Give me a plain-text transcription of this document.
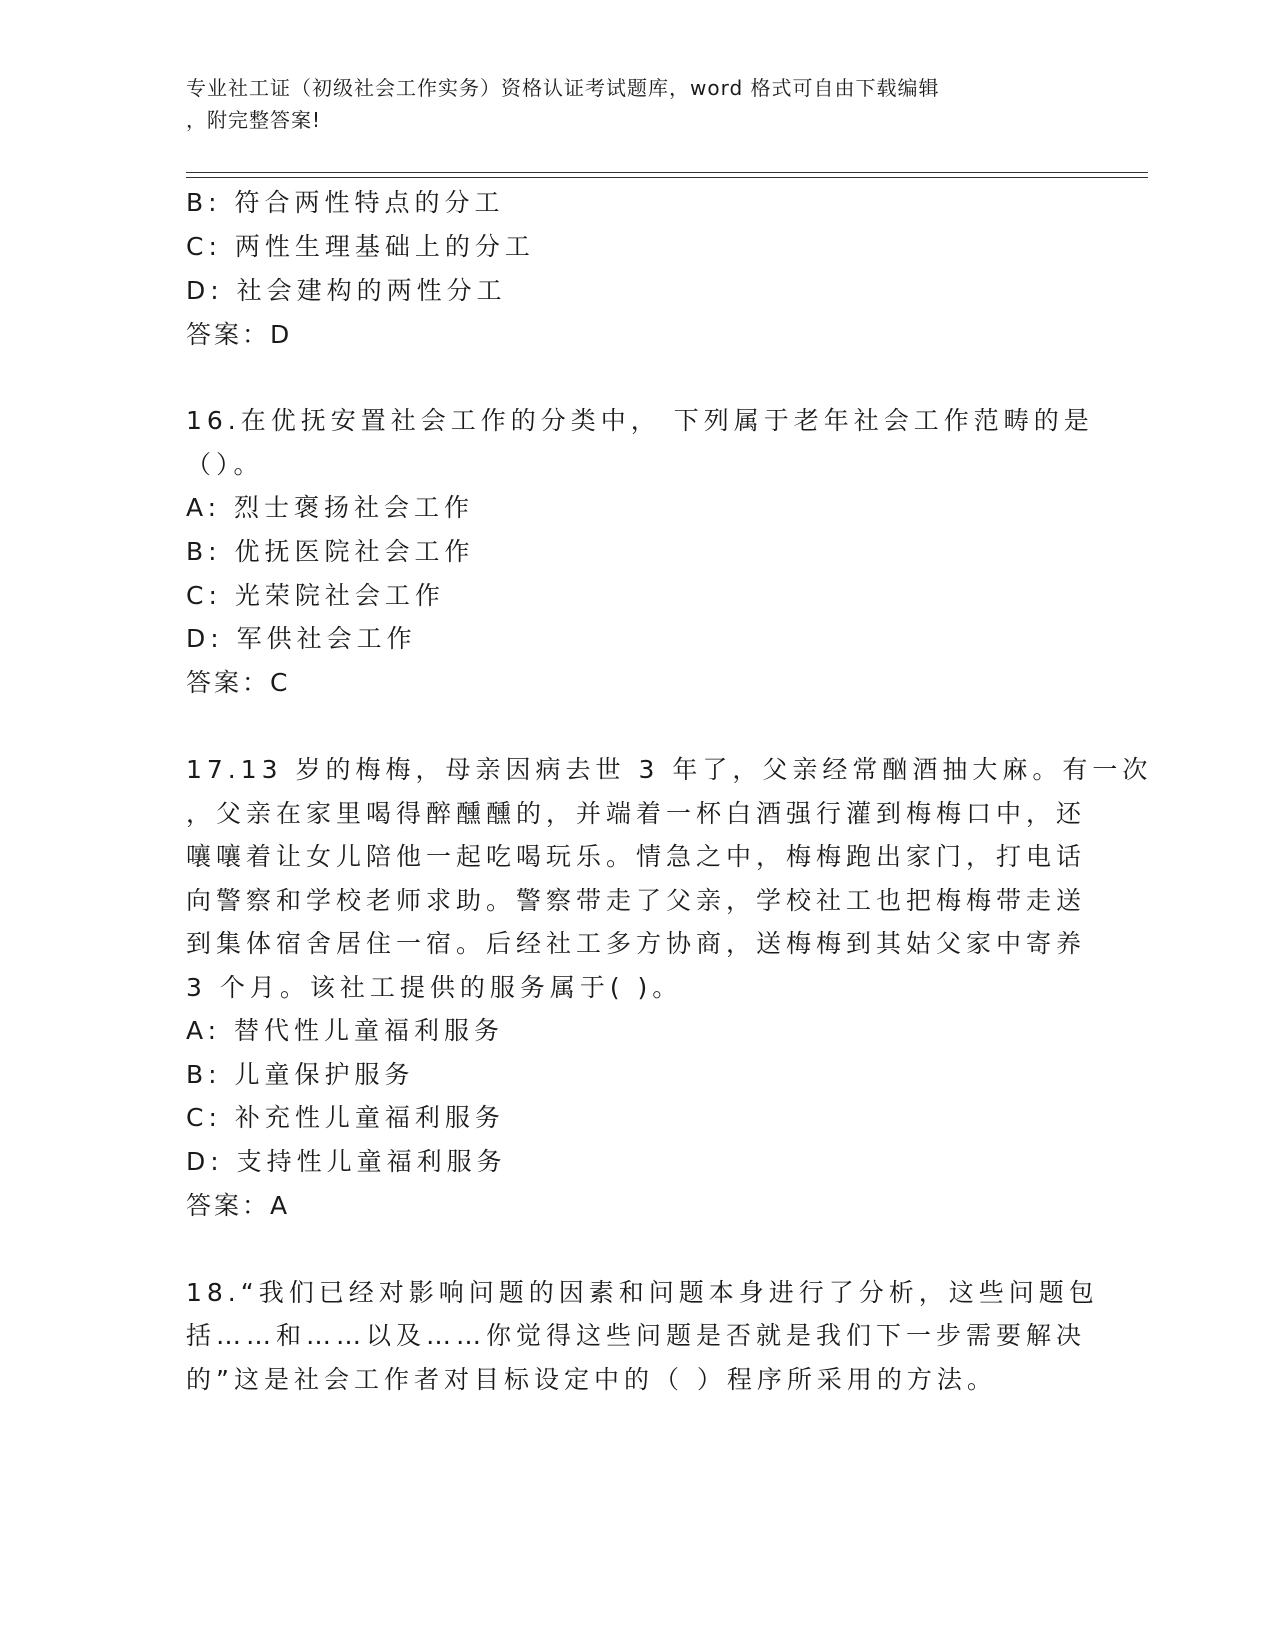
专业社工证（初级社会工作实务）资格认证考试题库，word 格式可自由下载编辑
，附完整答案!
B: 符合两性特点的分工
C: 两性生理基础上的分工
D: 社会建构的两性分工
答案：D
16.在优抚安置社会工作的分类中， 下列属于老年社会工作范畴的是
（）。
A: 烈士褒扬社会工作
B: 优抚医院社会工作
C: 光荣院社会工作
D: 军供社会工作
答案：C
17.13 岁的梅梅，母亲因病去世 3 年了，父亲经常酗酒抽大麻。有一次
，父亲在家里喝得醉醺醺的，并端着一杯白酒强行灌到梅梅口中，还
嚷嚷着让女儿陪他一起吃喝玩乐。情急之中，梅梅跑出家门，打电话
向警察和学校老师求助。警察带走了父亲，学校社工也把梅梅带走送
到集体宿舍居住一宿。后经社工多方协商，送梅梅到其姑父家中寄养
3 个月。该社工提供的服务属于( )。
A: 替代性儿童福利服务
B: 儿童保护服务
C: 补充性儿童福利服务
D: 支持性儿童福利服务
答案：A
18.“我们已经对影响问题的因素和问题本身进行了分析，这些问题包
括……和……以及……你觉得这些问题是否就是我们下一步需要解决
的”这是社会工作者对目标设定中的（ ）程序所采用的方法。
